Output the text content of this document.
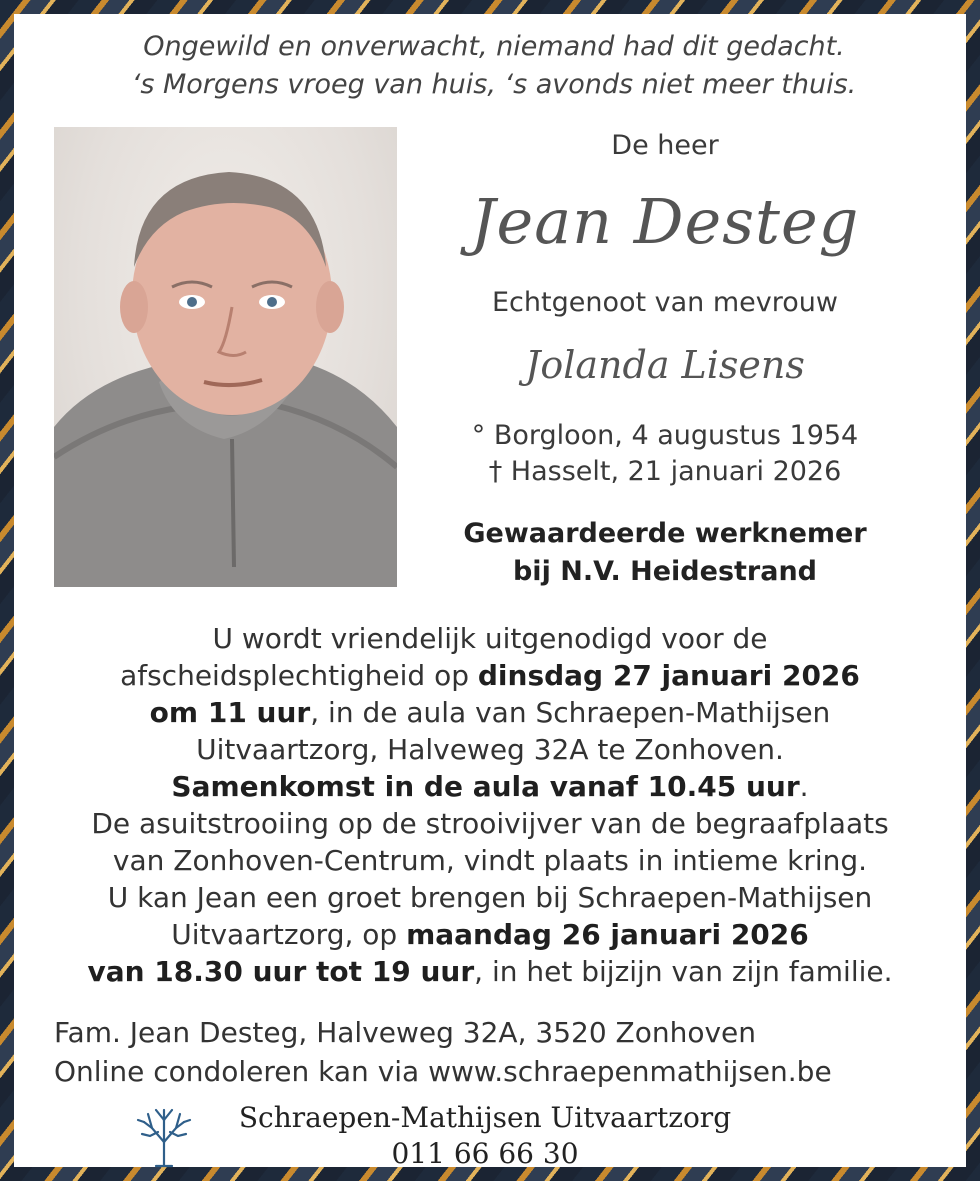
Ongewild en onverwacht, niemand had dit gedacht.
‘s Morgens vroeg van huis, ‘s avonds niet meer thuis.
De heer
Jean Desteg
Echtgenoot van mevrouw
Jolanda Lisens
° Borgloon, 4 augustus 1954
† Hasselt, 21 januari 2026
Gewaardeerde werknemer
bij N.V. Heidestrand
U wordt vriendelijk uitgenodigd voor de
afscheidsplechtigheid op dinsdag 27 januari 2026
om 11 uur, in de aula van Schraepen-Mathijsen
Uitvaartzorg, Halveweg 32A te Zonhoven.
Samenkomst in de aula vanaf 10.45 uur.
De asuitstrooiing op de strooivijver van de begraafplaats
van Zonhoven-Centrum, vindt plaats in intieme kring.
U kan Jean een groet brengen bij Schraepen-Mathijsen
Uitvaartzorg, op maandag 26 januari 2026
van 18.30 uur tot 19 uur, in het bijzijn van zijn familie.
Fam. Jean Desteg, Halveweg 32A, 3520 Zonhoven
Online condoleren kan via www.schraepenmathijsen.be
Schraepen-Mathijsen Uitvaartzorg
011 66 66 30
